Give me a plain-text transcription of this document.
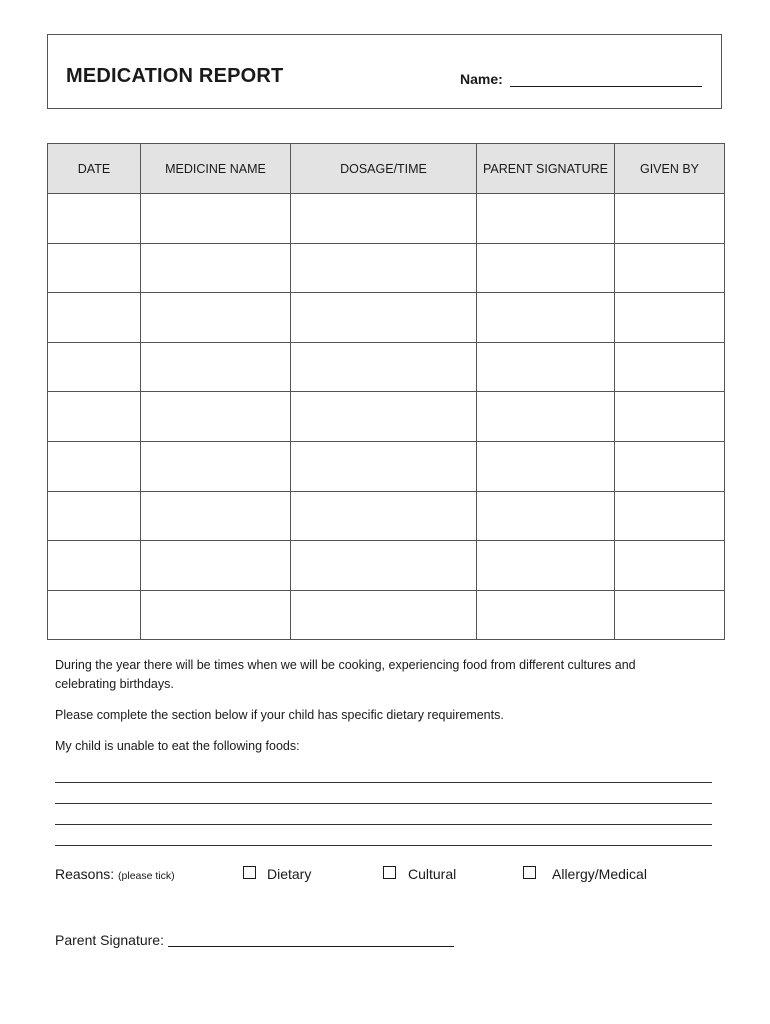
MEDICATION REPORT	Name:
DATE	MEDICINE NAME	DOSAGE/TIME	PARENT SIGNATURE	GIVEN BY

During the year there will be times when we will be cooking, experiencing food from different cultures and
celebrating birthdays.
Please complete the section below if your child has specific dietary requirements.
My child is unable to eat the following foods:
Reasons: (please tick)	Dietary	Cultural	Allergy/Medical
Parent Signature:
